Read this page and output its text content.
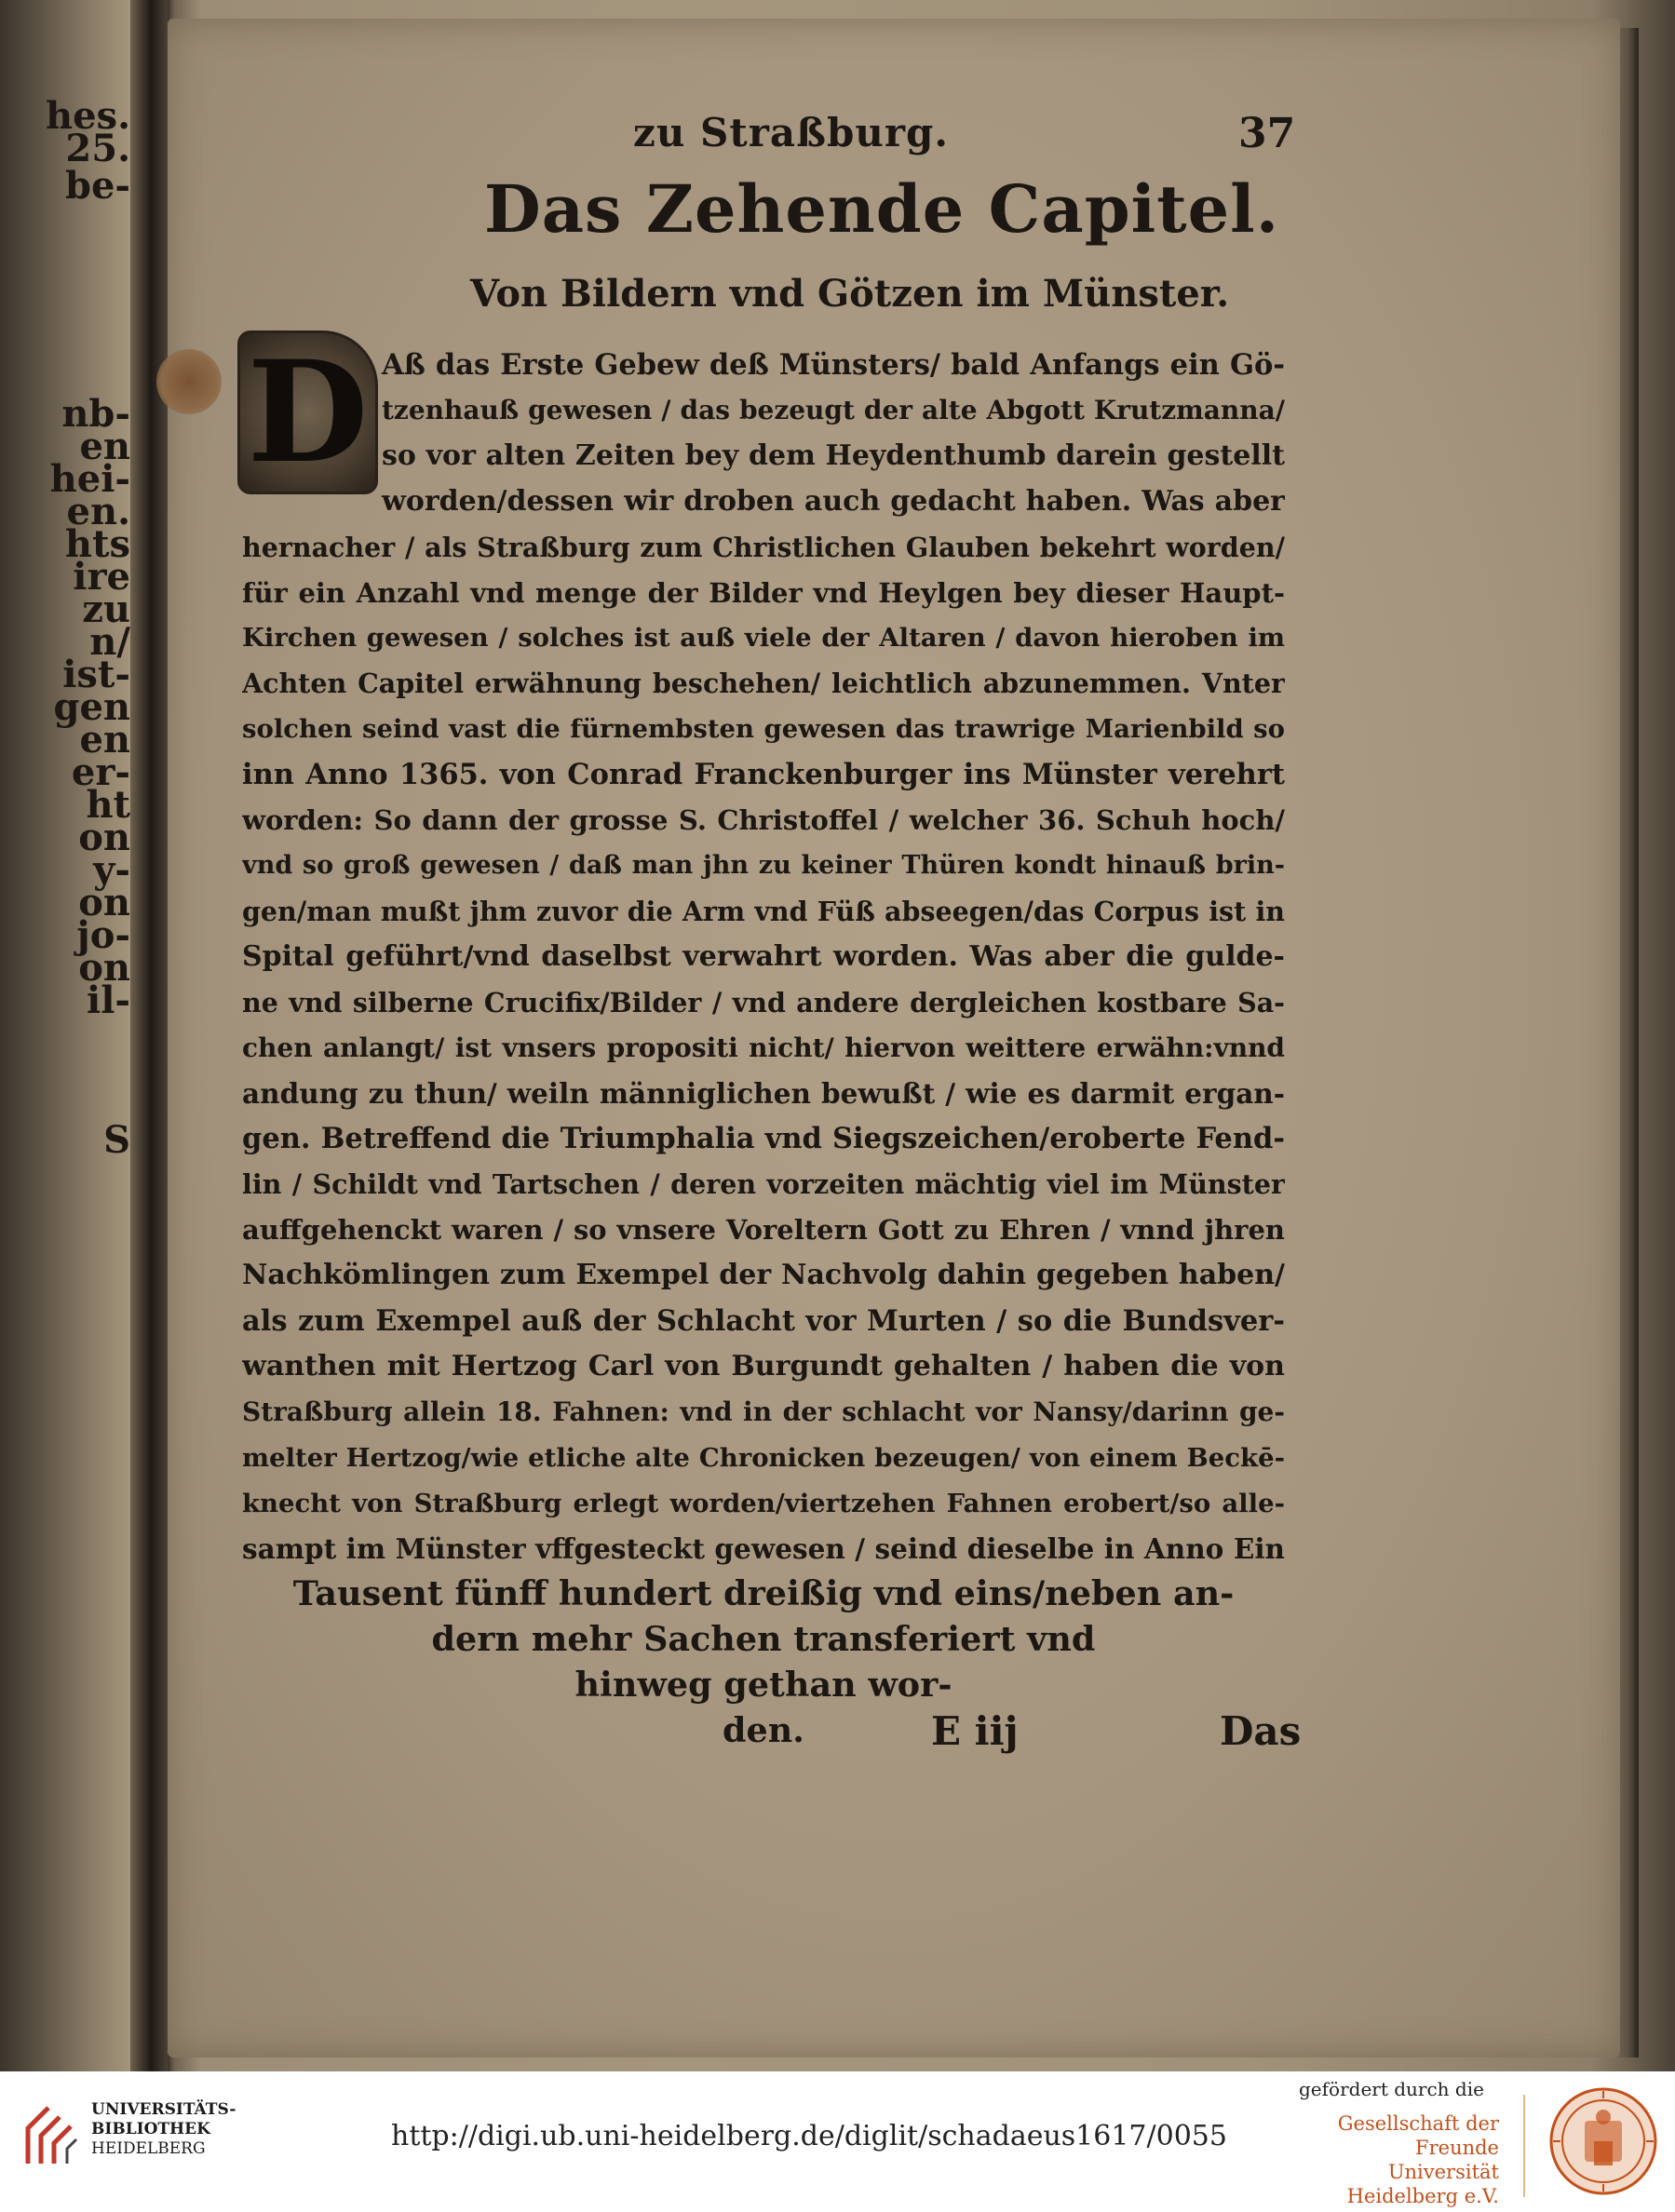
hes.
25.
be-
nb-
en
hei-
en.
hts
ire
zu
n/
ist-
gen
en
er-
ht
on
y-
on
jo-
on
il-
S
zu Straßburg.	37
Das Zehende Capitel.
Von Bildern vnd Götzen im Münster.
D Aß das Erste Gebew deß Münsters/ bald Anfangs ein Gö-
tzenhauß gewesen / das bezeugt der alte Abgott Krutzmanna/
so vor alten Zeiten bey dem Heydenthumb darein gestellt
worden/dessen wir droben auch gedacht haben. Was aber
hernacher / als Straßburg zum Christlichen Glauben bekehrt worden/
für ein Anzahl vnd menge der Bilder vnd Heylgen bey dieser Haupt-
Kirchen gewesen / solches ist auß viele der Altaren / davon hieroben im
Achten Capitel erwähnung beschehen/ leichtlich abzunemmen. Vnter
solchen seind vast die fürnembsten gewesen das trawrige Marienbild so
inn Anno 1365. von Conrad Franckenburger ins Münster verehrt
worden: So dann der grosse S. Christoffel / welcher 36. Schuh hoch/
vnd so groß gewesen / daß man jhn zu keiner Thüren kondt hinauß brin-
gen/man mußt jhm zuvor die Arm vnd Füß abseegen/das Corpus ist in
Spital geführt/vnd daselbst verwahrt worden. Was aber die gulde-
ne vnd silberne Crucifix/Bilder / vnd andere dergleichen kostbare Sa-
chen anlangt/ ist vnsers propositi nicht/ hiervon weittere erwähn:vnnd
andung zu thun/ weiln männiglichen bewußt / wie es darmit ergan-
gen. Betreffend die Triumphalia vnd Siegszeichen/eroberte Fend-
lin / Schildt vnd Tartschen / deren vorzeiten mächtig viel im Münster
auffgehenckt waren / so vnsere Voreltern Gott zu Ehren / vnnd jhren
Nachkömlingen zum Exempel der Nachvolg dahin gegeben haben/
als zum Exempel auß der Schlacht vor Murten / so die Bundsver-
wanthen mit Hertzog Carl von Burgundt gehalten / haben die von
Straßburg allein 18. Fahnen: vnd in der schlacht vor Nansy/darinn ge-
melter Hertzog/wie etliche alte Chronicken bezeugen/ von einem Beckē-
knecht von Straßburg erlegt worden/viertzehen Fahnen erobert/so alle-
sampt im Münster vffgesteckt gewesen / seind dieselbe in Anno Ein
Tausent fünff hundert dreißig vnd eins/neben an-
dern mehr Sachen transferiert vnd
hinweg gethan wor-
den.	E iij	Das
UNIVERSITÄTS-
BIBLIOTHEK
HEIDELBERG	http://digi.ub.uni-heidelberg.de/diglit/schadaeus1617/0055
gefördert durch die
Gesellschaft der Freunde
Universität Heidelberg e.V.
